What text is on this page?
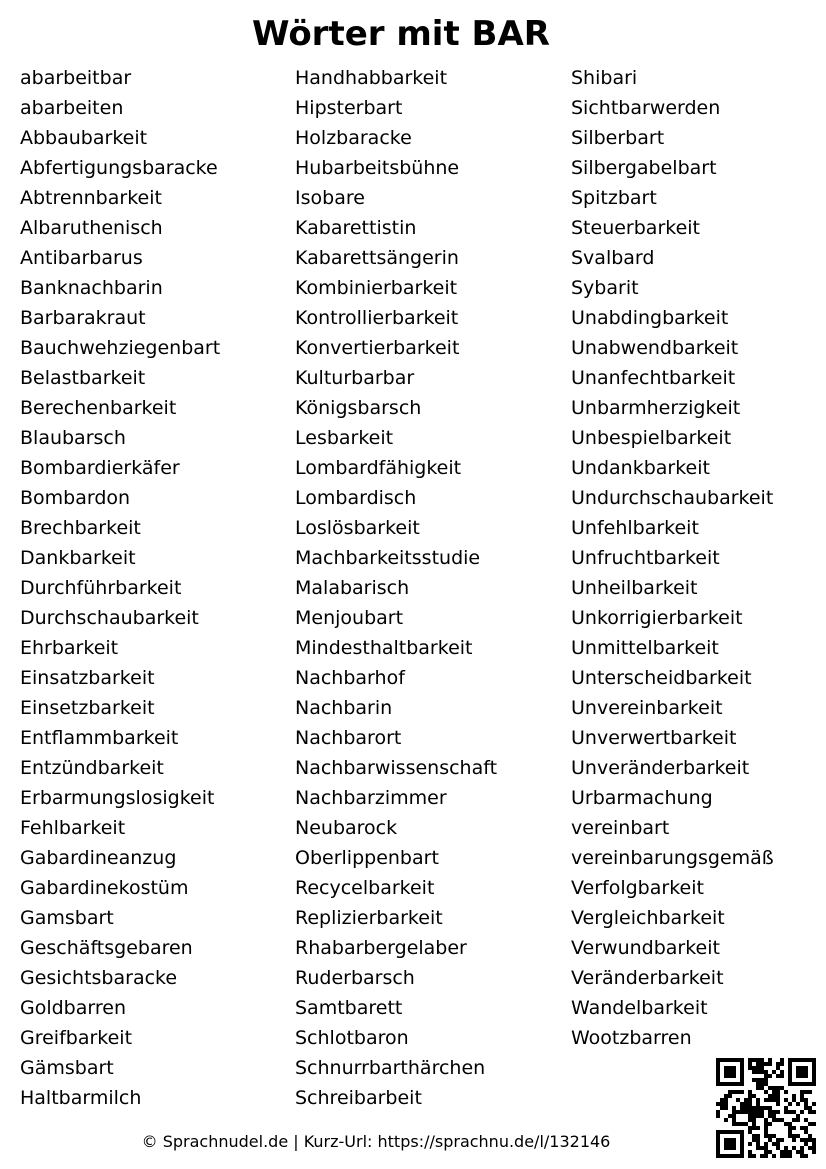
Wörter mit BAR
abarbeitbar
abarbeiten
Abbaubarkeit
Abfertigungsbaracke
Abtrennbarkeit
Albaruthenisch
Antibarbarus
Banknachbarin
Barbarakraut
Bauchwehziegenbart
Belastbarkeit
Berechenbarkeit
Blaubarsch
Bombardierkäfer
Bombardon
Brechbarkeit
Dankbarkeit
Durchführbarkeit
Durchschaubarkeit
Ehrbarkeit
Einsatzbarkeit
Einsetzbarkeit
Entflammbarkeit
Entzündbarkeit
Erbarmungslosigkeit
Fehlbarkeit
Gabardineanzug
Gabardinekostüm
Gamsbart
Geschäftsgebaren
Gesichtsbaracke
Goldbarren
Greifbarkeit
Gämsbart
Haltbarmilch
Handhabbarkeit
Hipsterbart
Holzbaracke
Hubarbeitsbühne
Isobare
Kabarettistin
Kabarettsängerin
Kombinierbarkeit
Kontrollierbarkeit
Konvertierbarkeit
Kulturbarbar
Königsbarsch
Lesbarkeit
Lombardfähigkeit
Lombardisch
Loslösbarkeit
Machbarkeitsstudie
Malabarisch
Menjoubart
Mindesthaltbarkeit
Nachbarhof
Nachbarin
Nachbarort
Nachbarwissenschaft
Nachbarzimmer
Neubarock
Oberlippenbart
Recycelbarkeit
Replizierbarkeit
Rhabarbergelaber
Ruderbarsch
Samtbarett
Schlotbaron
Schnurrbarthärchen
Schreibarbeit
Shibari
Sichtbarwerden
Silberbart
Silbergabelbart
Spitzbart
Steuerbarkeit
Svalbard
Sybarit
Unabdingbarkeit
Unabwendbarkeit
Unanfechtbarkeit
Unbarmherzigkeit
Unbespielbarkeit
Undankbarkeit
Undurchschaubarkeit
Unfehlbarkeit
Unfruchtbarkeit
Unheilbarkeit
Unkorrigierbarkeit
Unmittelbarkeit
Unterscheidbarkeit
Unvereinbarkeit
Unverwertbarkeit
Unveränderbarkeit
Urbarmachung
vereinbart
vereinbarungsgemäß
Verfolgbarkeit
Vergleichbarkeit
Verwundbarkeit
Veränderbarkeit
Wandelbarkeit
Wootzbarren
© Sprachnudel.de | Kurz-Url: https://sprachnu.de/l/132146
